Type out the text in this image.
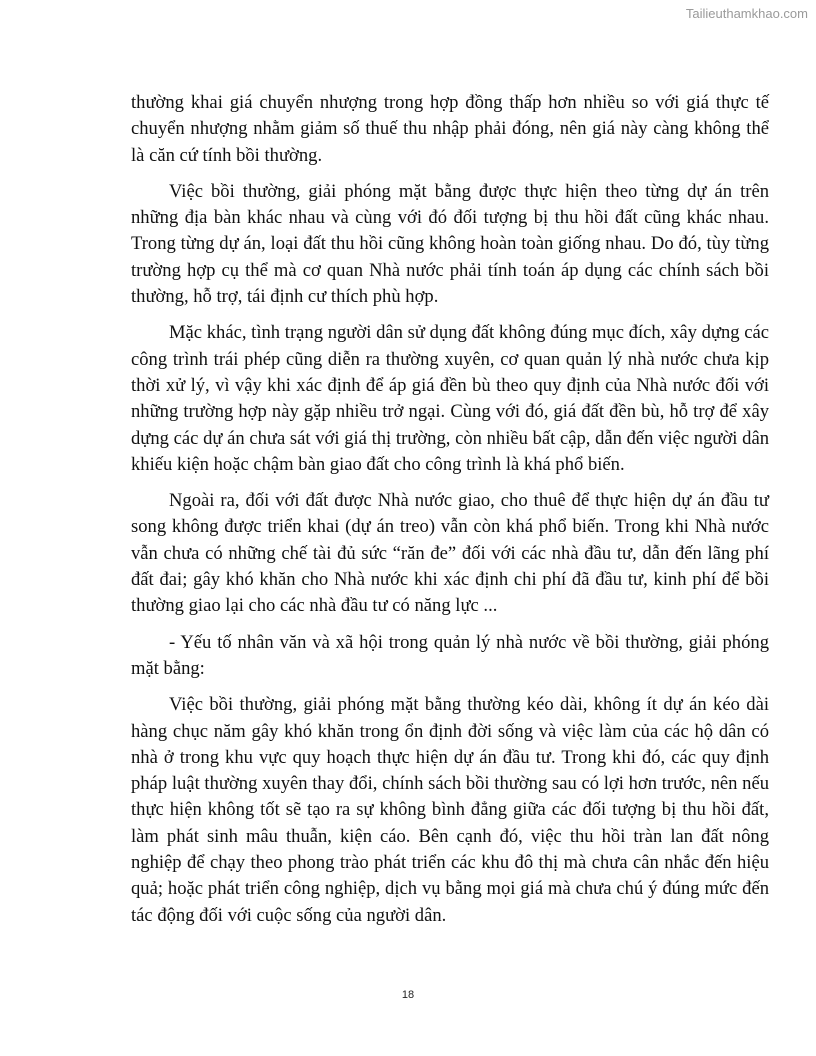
Tailieuthamkhao.com

thường khai giá chuyển nhượng trong hợp đồng thấp hơn nhiều so với giá thực tế chuyển nhượng nhằm giảm số thuế thu nhập phải đóng, nên giá này càng không thể là căn cứ tính bồi thường.

Việc bồi thường, giải phóng mặt bằng được thực hiện theo từng dự án trên những địa bàn khác nhau và cùng với đó đối tượng bị thu hồi đất cũng khác nhau. Trong từng dự án, loại đất thu hồi cũng không hoàn toàn giống nhau. Do đó, tùy từng trường hợp cụ thể mà cơ quan Nhà nước phải tính toán áp dụng các chính sách bồi thường, hỗ trợ, tái định cư thích phù hợp.

Mặc khác, tình trạng người dân sử dụng đất không đúng mục đích, xây dựng các công trình trái phép cũng diễn ra thường xuyên, cơ quan quản lý nhà nước chưa kịp thời xử lý, vì vậy khi xác định để áp giá đền bù theo quy định của Nhà nước đối với những trường hợp này gặp nhiều trở ngại. Cùng với đó, giá đất đền bù, hỗ trợ để xây dựng các dự án chưa sát với giá thị trường, còn nhiều bất cập, dẫn đến việc người dân khiếu kiện hoặc chậm bàn giao đất cho công trình là khá phổ biến.

Ngoài ra, đối với đất được Nhà nước giao, cho thuê để thực hiện dự án đầu tư song không được triển khai (dự án treo) vẫn còn khá phổ biến. Trong khi Nhà nước vẫn chưa có những chế tài đủ sức “răn đe” đối với các nhà đầu tư, dẫn đến lãng phí đất đai; gây khó khăn cho Nhà nước khi xác định chi phí đã đầu tư, kinh phí để bồi thường giao lại cho các nhà đầu tư có năng lực ...

- Yếu tố nhân văn và xã hội trong quản lý nhà nước về bồi thường, giải phóng mặt bằng:

Việc bồi thường, giải phóng mặt bằng thường kéo dài, không ít dự án kéo dài hàng chục năm gây khó khăn trong ổn định đời sống và việc làm của các hộ dân có nhà ở trong khu vực quy hoạch thực hiện dự án đầu tư. Trong khi đó, các quy định pháp luật thường xuyên thay đổi, chính sách bồi thường sau có lợi hơn trước, nên nếu thực hiện không tốt sẽ tạo ra sự không bình đẳng giữa các đối tượng bị thu hồi đất, làm phát sinh mâu thuẫn, kiện cáo. Bên cạnh đó, việc thu hồi tràn lan đất nông nghiệp để chạy theo phong trào phát triển các khu đô thị mà chưa cân nhắc đến hiệu quả; hoặc phát triển công nghiệp, dịch vụ bằng mọi giá mà chưa chú ý đúng mức đến tác động đối với cuộc sống của người dân.

18
